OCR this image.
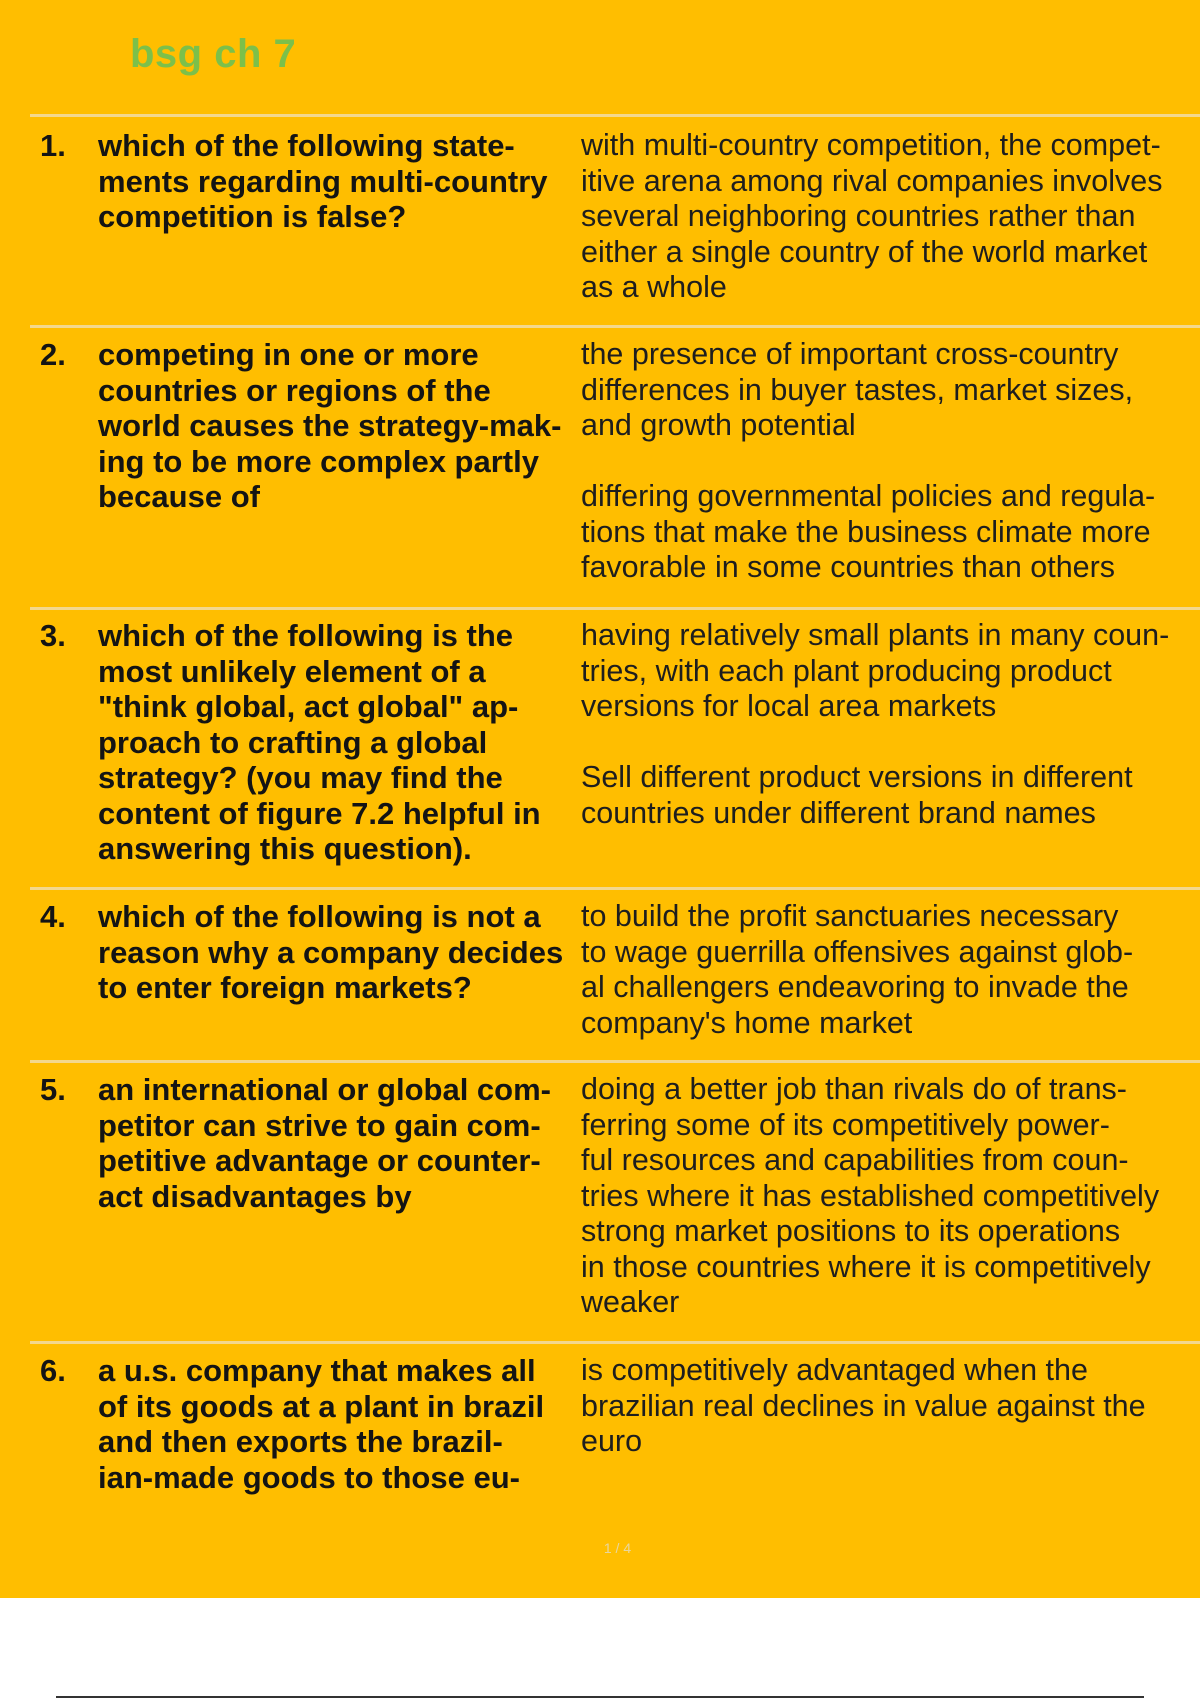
bsg ch 7
1. which of the following state-
ments regarding multi-country
competition is false?
with multi-country competition, the compet-
itive arena among rival companies involves
several neighboring countries rather than
either a single country of the world market
as a whole
2. competing in one or more
countries or regions of the
world causes the strategy-mak-
ing to be more complex partly
because of
the presence of important cross-country
differences in buyer tastes, market sizes,
and growth potential
differing governmental policies and regula-
tions that make the business climate more
favorable in some countries than others
3. which of the following is the
most unlikely element of a
"think global, act global" ap-
proach to crafting a global
strategy? (you may find the
content of figure 7.2 helpful in
answering this question).
having relatively small plants in many coun-
tries, with each plant producing product
versions for local area markets
Sell different product versions in different
countries under different brand names
4. which of the following is not a
reason why a company decides
to enter foreign markets?
to build the profit sanctuaries necessary
to wage guerrilla offensives against glob-
al challengers endeavoring to invade the
company's home market
5. an international or global com-
petitor can strive to gain com-
petitive advantage or counter-
act disadvantages by
doing a better job than rivals do of trans-
ferring some of its competitively power-
ful resources and capabilities from coun-
tries where it has established competitively
strong market positions to its operations
in those countries where it is competitively
weaker
6. a u.s. company that makes all
of its goods at a plant in brazil
and then exports the brazil-
ian-made goods to those eu-
is competitively advantaged when the
brazilian real declines in value against the
euro
1 / 4
